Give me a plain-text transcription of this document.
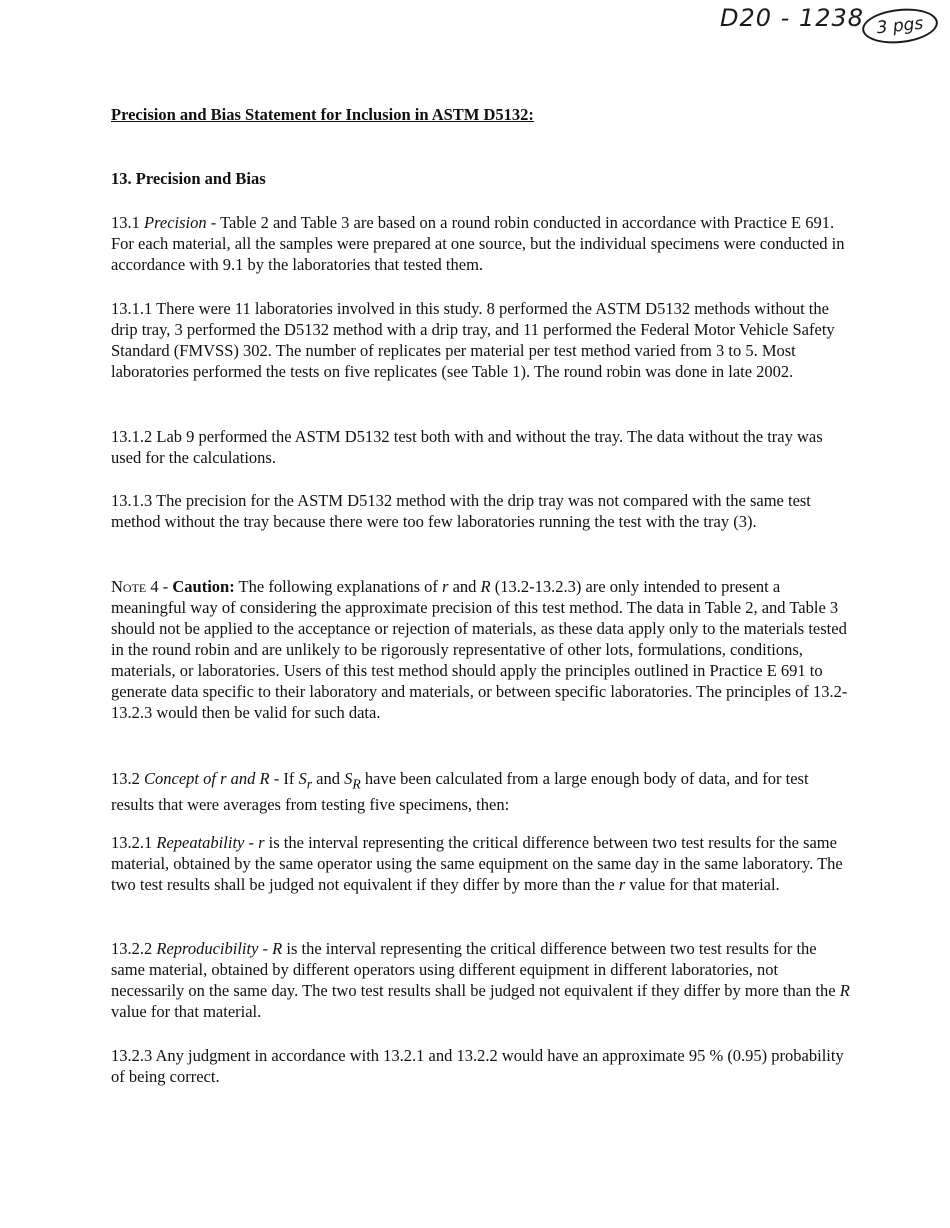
D20 - 1238 3 pgs

Precision and Bias Statement for Inclusion in ASTM D5132:

13. Precision and Bias

13.1 Precision - Table 2 and Table 3 are based on a round robin conducted in accordance with Practice E 691. For each material, all the samples were prepared at one source, but the individual specimens were conducted in accordance with 9.1 by the laboratories that tested them.

13.1.1 There were 11 laboratories involved in this study. 8 performed the ASTM D5132 methods without the drip tray, 3 performed the D5132 method with a drip tray, and 11 performed the Federal Motor Vehicle Safety Standard (FMVSS) 302. The number of replicates per material per test method varied from 3 to 5. Most laboratories performed the tests on five replicates (see Table 1). The round robin was done in late 2002.

13.1.2 Lab 9 performed the ASTM D5132 test both with and without the tray. The data without the tray was used for the calculations.

13.1.3 The precision for the ASTM D5132 method with the drip tray was not compared with the same test method without the tray because there were too few laboratories running the test with the tray (3).

Note 4 - Caution: The following explanations of r and R (13.2-13.2.3) are only intended to present a meaningful way of considering the approximate precision of this test method. The data in Table 2, and Table 3 should not be applied to the acceptance or rejection of materials, as these data apply only to the materials tested in the round robin and are unlikely to be rigorously representative of other lots, formulations, conditions, materials, or laboratories. Users of this test method should apply the principles outlined in Practice E 691 to generate data specific to their laboratory and materials, or between specific laboratories. The principles of 13.2-13.2.3 would then be valid for such data.

13.2 Concept of r and R - If $S_r$ and $S_R$ have been calculated from a large enough body of data, and for test results that were averages from testing five specimens, then:

13.2.1 Repeatability - r is the interval representing the critical difference between two test results for the same material, obtained by the same operator using the same equipment on the same day in the same laboratory. The two test results shall be judged not equivalent if they differ by more than the r value for that material.

13.2.2 Reproducibility - R is the interval representing the critical difference between two test results for the same material, obtained by different operators using different equipment in different laboratories, not necessarily on the same day. The two test results shall be judged not equivalent if they differ by more than the R value for that material.

13.2.3 Any judgment in accordance with 13.2.1 and 13.2.2 would have an approximate 95 % (0.95) probability of being correct.
